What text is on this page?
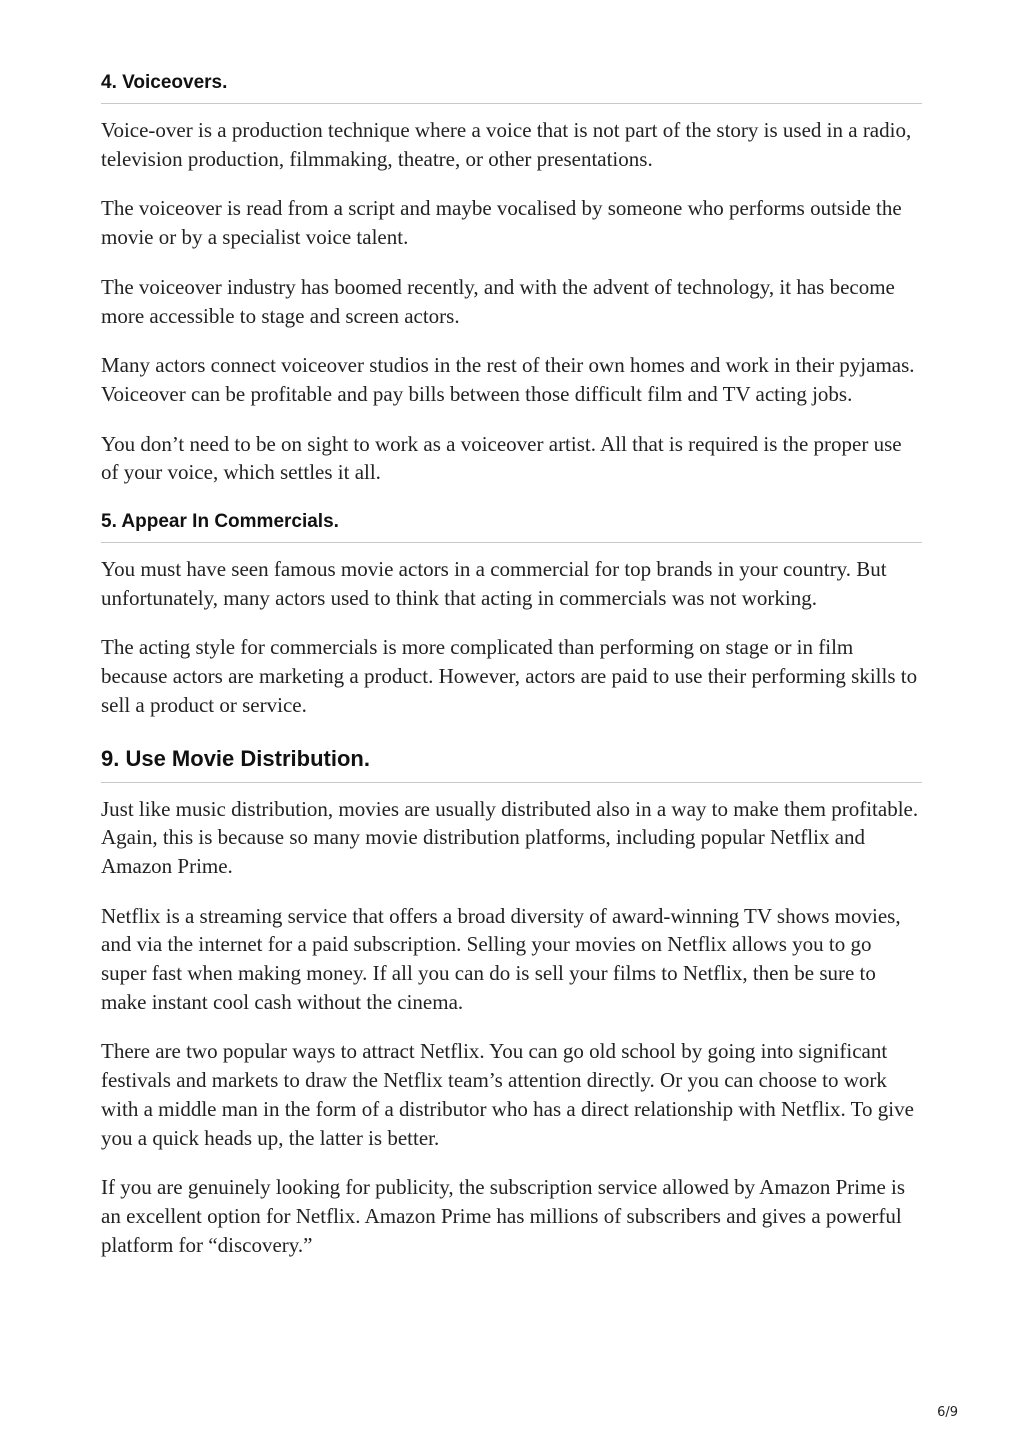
4. Voiceovers.

Voice-over is a production technique where a voice that is not part of the story is used in a radio, television production, filmmaking, theatre, or other presentations.

The voiceover is read from a script and maybe vocalised by someone who performs outside the movie or by a specialist voice talent.

The voiceover industry has boomed recently, and with the advent of technology, it has become more accessible to stage and screen actors.

Many actors connect voiceover studios in the rest of their own homes and work in their pyjamas. Voiceover can be profitable and pay bills between those difficult film and TV acting jobs.

You don’t need to be on sight to work as a voiceover artist. All that is required is the proper use of your voice, which settles it all.

5. Appear In Commercials.

You must have seen famous movie actors in a commercial for top brands in your country. But unfortunately, many actors used to think that acting in commercials was not working.

The acting style for commercials is more complicated than performing on stage or in film because actors are marketing a product. However, actors are paid to use their performing skills to sell a product or service.

9. Use Movie Distribution.

Just like music distribution, movies are usually distributed also in a way to make them profitable. Again, this is because so many movie distribution platforms, including popular Netflix and Amazon Prime.

Netflix is a streaming service that offers a broad diversity of award-winning TV shows movies, and via the internet for a paid subscription. Selling your movies on Netflix allows you to go super fast when making money. If all you can do is sell your films to Netflix, then be sure to make instant cool cash without the cinema.

There are two popular ways to attract Netflix. You can go old school by going into significant festivals and markets to draw the Netflix team’s attention directly. Or you can choose to work with a middle man in the form of a distributor who has a direct relationship with Netflix. To give you a quick heads up, the latter is better.

If you are genuinely looking for publicity, the subscription service allowed by Amazon Prime is an excellent option for Netflix. Amazon Prime has millions of subscribers and gives a powerful platform for “discovery.”

6/9
